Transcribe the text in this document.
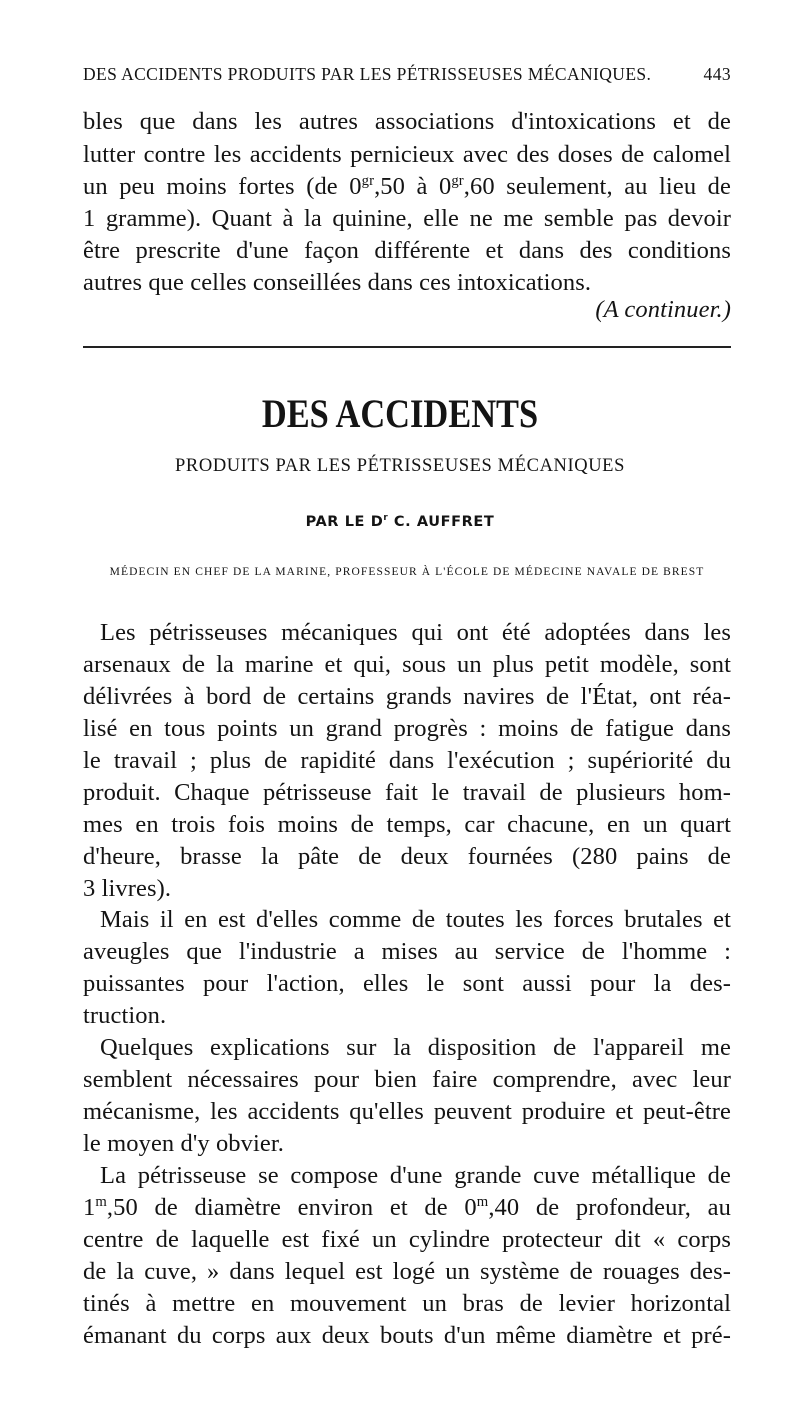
DES ACCIDENTS PRODUITS PAR LES PÉTRISSEUSES MÉCANIQUES.	443
bles que dans les autres associations d'intoxications et de
lutter contre les accidents pernicieux avec des doses de calomel
un peu moins fortes (de $0^{gr},50$ à $0^{gr},60$ seulement, au lieu de
1 gramme). Quant à la quinine, elle ne me semble pas devoir
être prescrite d'une façon différente et dans des conditions
autres que celles conseillées dans ces intoxications.
(A continuer.)
DES ACCIDENTS
PRODUITS PAR LES PÉTRISSEUSES MÉCANIQUES
PAR LE $D^r$ C. AUFFRET
MÉDECIN EN CHEF DE LA MARINE, PROFESSEUR À L'ÉCOLE DE MÉDECINE NAVALE DE BREST
Les pétrisseuses mécaniques qui ont été adoptées dans les
arsenaux de la marine et qui, sous un plus petit modèle, sont
délivrées à bord de certains grands navires de l'État, ont réa-
lisé en tous points un grand progrès : moins de fatigue dans
le travail ; plus de rapidité dans l'exécution ; supériorité du
produit. Chaque pétrisseuse fait le travail de plusieurs hom-
mes en trois fois moins de temps, car chacune, en un quart
d'heure, brasse la pâte de deux fournées (280 pains de
3 livres).
Mais il en est d'elles comme de toutes les forces brutales et
aveugles que l'industrie a mises au service de l'homme :
puissantes pour l'action, elles le sont aussi pour la des-
truction.
Quelques explications sur la disposition de l'appareil me
semblent nécessaires pour bien faire comprendre, avec leur
mécanisme, les accidents qu'elles peuvent produire et peut-être
le moyen d'y obvier.
La pétrisseuse se compose d'une grande cuve métallique de
1$^m$,50 de diamètre environ et de 0$^m$,40 de profondeur, au
centre de laquelle est fixé un cylindre protecteur dit « corps
de la cuve, » dans lequel est logé un système de rouages des-
tinés à mettre en mouvement un bras de levier horizontal
émanant du corps aux deux bouts d'un même diamètre et pré-
